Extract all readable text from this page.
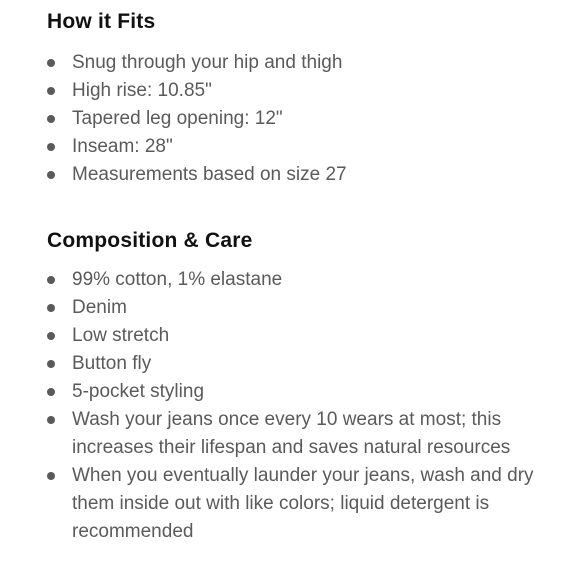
How it Fits
Snug through your hip and thigh
High rise: 10.85"
Tapered leg opening: 12"
Inseam: 28"
Measurements based on size 27
Composition & Care
99% cotton, 1% elastane
Denim
Low stretch
Button fly
5-pocket styling
Wash your jeans once every 10 wears at most; this increases their lifespan and saves natural resources
When you eventually launder your jeans, wash and dry them inside out with like colors; liquid detergent is recommended
